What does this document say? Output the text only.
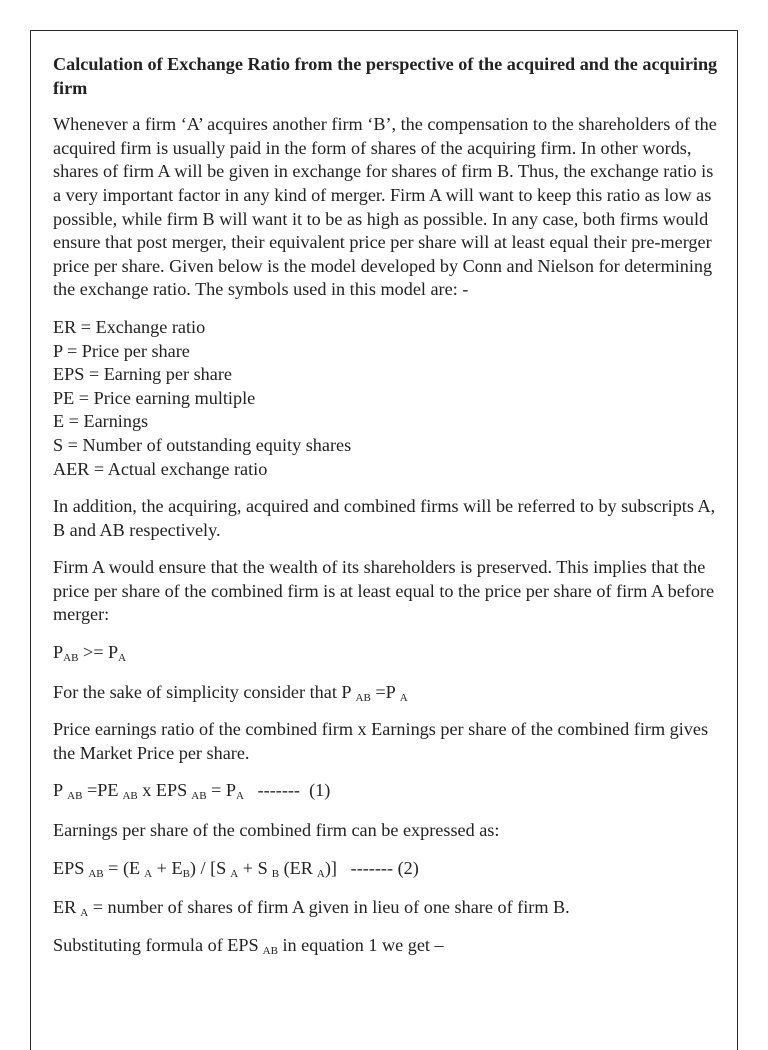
Calculation of Exchange Ratio from the perspective of the acquired and the acquiring firm

Whenever a firm ‘A’ acquires another firm ‘B’, the compensation to the shareholders of the acquired firm is usually paid in the form of shares of the acquiring firm. In other words, shares of firm A will be given in exchange for shares of firm B. Thus, the exchange ratio is a very important factor in any kind of merger. Firm A will want to keep this ratio as low as possible, while firm B will want it to be as high as possible. In any case, both firms would ensure that post merger, their equivalent price per share will at least equal their pre-merger price per share. Given below is the model developed by Conn and Nielson for determining the exchange ratio. The symbols used in this model are: -

ER = Exchange ratio
P = Price per share
EPS = Earning per share
PE = Price earning multiple
E = Earnings
S = Number of outstanding equity shares
AER = Actual exchange ratio

In addition, the acquiring, acquired and combined firms will be referred to by subscripts A, B and AB respectively.

Firm A would ensure that the wealth of its shareholders is preserved. This implies that the price per share of the combined firm is at least equal to the price per share of firm A before merger:

$P_{AB} >= P_A$

For the sake of simplicity consider that P $_{AB}$ =P $_A$

Price earnings ratio of the combined firm x Earnings per share of the combined firm gives the Market Price per share.

P $_{AB}$ =PE $_{AB}$ x EPS $_{AB} = P_A$   -------  (1)

Earnings per share of the combined firm can be expressed as:

EPS $_{AB}$ = (E $_A + E_B) / [S$ $_A$ + S $_B$ (ER $_A$)]   ------- (2)

ER $_A$ = number of shares of firm A given in lieu of one share of firm B.

Substituting formula of EPS $_{AB}$ in equation 1 we get –
